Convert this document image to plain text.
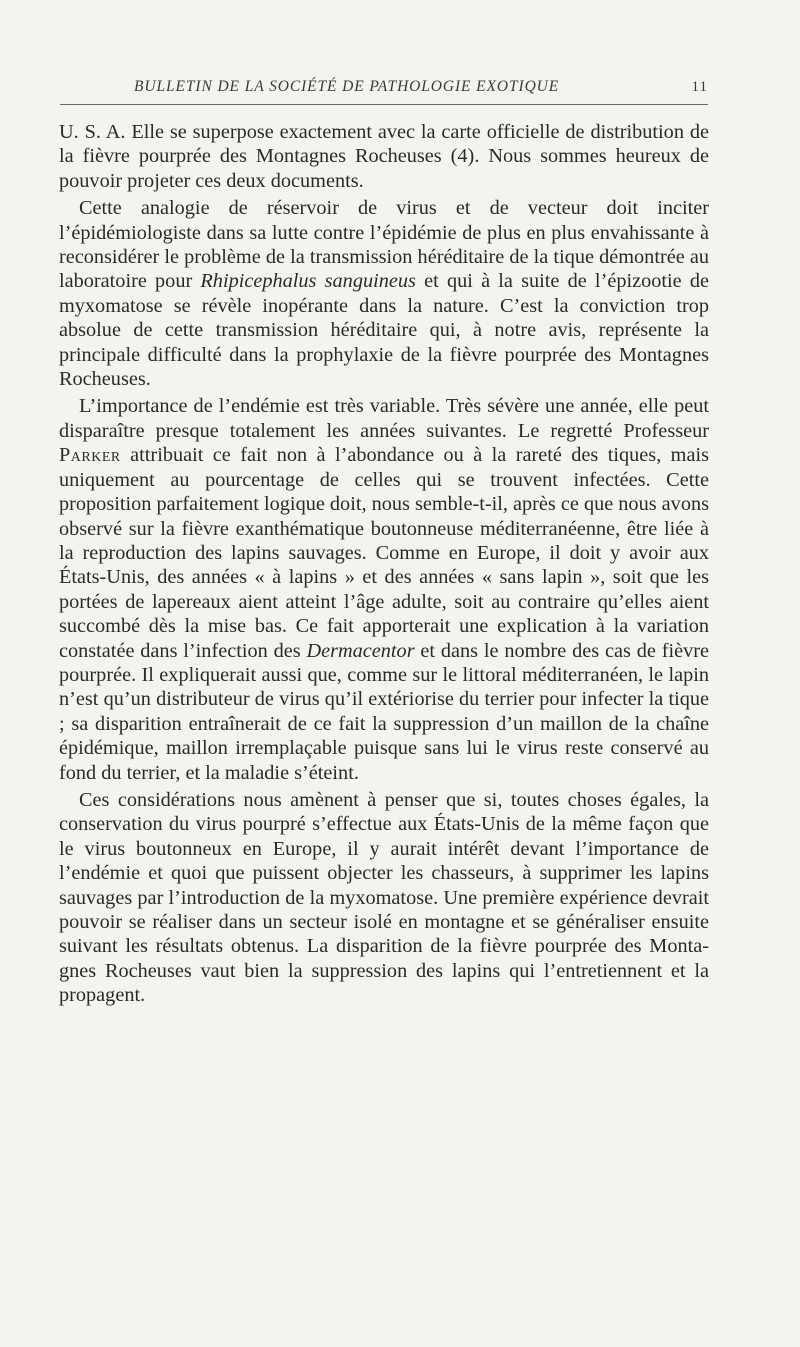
BULLETIN DE LA SOCIÉTÉ DE PATHOLOGIE EXOTIQUE	11

U. S. A. Elle se superpose exactement avec la carte officielle de distribution de la fièvre pourprée des Montagnes Rocheuses (4). Nous sommes heureux de pouvoir projeter ces deux documents.

Cette analogie de réservoir de virus et de vecteur doit inciter l’épidémiologiste dans sa lutte contre l’épidémie de plus en plus envahissante à reconsidérer le problème de la transmission héréditaire de la tique démontrée au laboratoire pour Rhipicephalus sanguineus et qui à la suite de l’épizootie de myxomatose se révèle inopérante dans la nature. C’est la conviction trop absolue de cette transmission héréditaire qui, à notre avis, représente la principale difficulté dans la prophylaxie de la fièvre pourprée des Montagnes Rocheuses.

L’importance de l’endémie est très variable. Très sévère une année, elle peut disparaître presque totalement les années suivantes. Le regretté Professeur Parker attribuait ce fait non à l’abondance ou à la rareté des tiques, mais uniquement au pourcentage de celles qui se trouvent infectées. Cette proposition parfaitement logique doit, nous semble-t-il, après ce que nous avons observé sur la fièvre exanthématique boutonneuse méditerranéenne, être liée à la reproduction des lapins sauvages. Comme en Europe, il doit y avoir aux États-Unis, des années « à lapins » et des années « sans lapin », soit que les portées de lapereaux aient atteint l’âge adulte, soit au contraire qu’elles aient succombé dès la mise bas. Ce fait apporterait une explication à la variation constatée dans l’infection des Dermacentor et dans le nombre des cas de fièvre pourprée. Il expliquerait aussi que, comme sur le littoral méditerranéen, le lapin n’est qu’un distributeur de virus qu’il extériorise du terrier pour infecter la tique ; sa disparition entraînerait de ce fait la suppression d’un maillon de la chaîne épidémique, maillon irremplaçable puisque sans lui le virus reste conservé au fond du terrier, et la maladie s’éteint.

Ces considérations nous amènent à penser que si, toutes choses égales, la conservation du virus pourpré s’effectue aux États-Unis de la même façon que le virus boutonneux en Europe, il y aurait intérêt devant l’importance de l’endémie et quoi que puissent objecter les chasseurs, à supprimer les lapins sauvages par l’introduction de la myxomatose. Une première expérience devrait pouvoir se réaliser dans un secteur isolé en montagne et se généraliser ensuite suivant les résultats obtenus. La disparition de la fièvre pourprée des Montagnes Rocheuses vaut bien la suppression des lapins qui l’entretiennent et la propagent.
